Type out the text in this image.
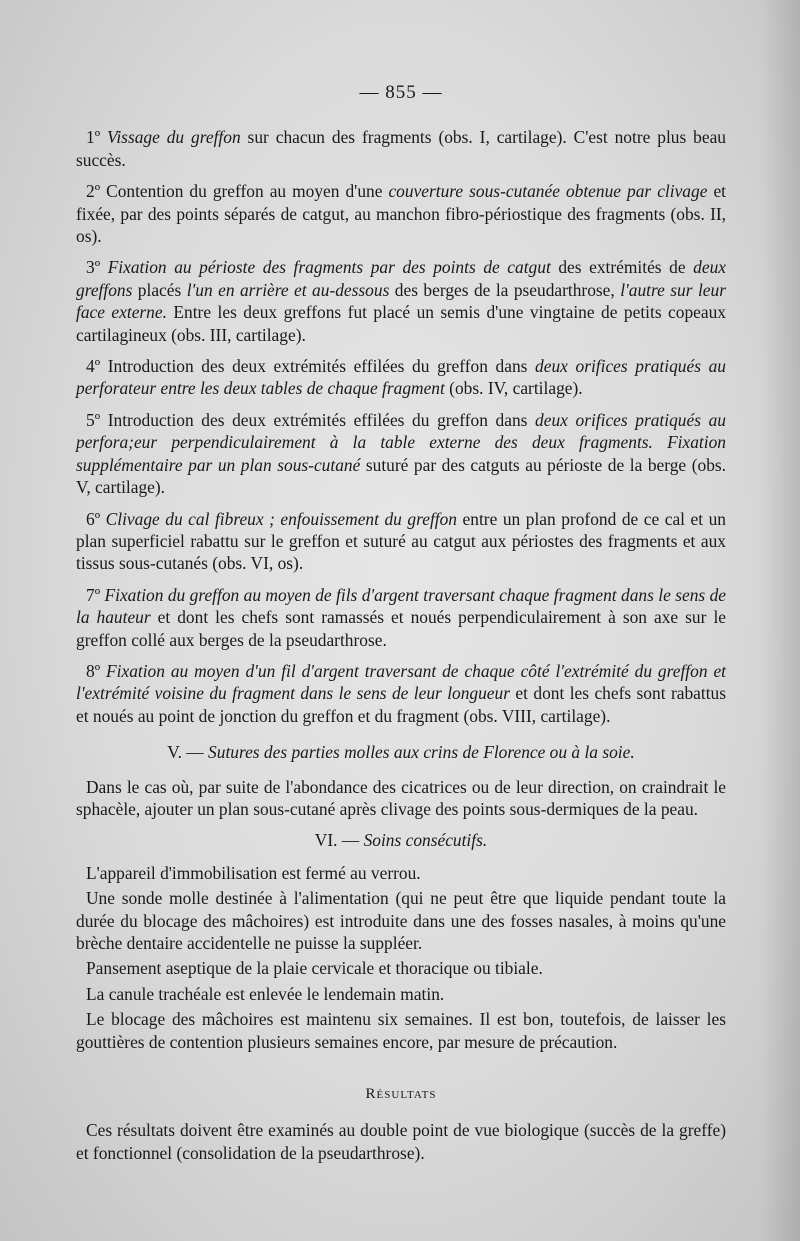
— 855 —

1º Vissage du greffon sur chacun des fragments (obs. I, cartilage). C'est notre plus beau succès.

2º Contention du greffon au moyen d'une couverture sous-cutanée obtenue par clivage et fixée, par des points séparés de catgut, au manchon fibro-périostique des fragments (obs. II, os).

3º Fixation au périoste des fragments par des points de catgut des extrémités de deux greffons placés l'un en arrière et au-dessous des berges de la pseudarthrose, l'autre sur leur face externe. Entre les deux greffons fut placé un semis d'une vingtaine de petits copeaux cartilagineux (obs. III, cartilage).

4º Introduction des deux extrémités effilées du greffon dans deux orifices pratiqués au perforateur entre les deux tables de chaque fragment (obs. IV, cartilage).

5º Introduction des deux extrémités effilées du greffon dans deux orifices pratiqués au perfora;eur perpendiculairement à la table externe des deux fragments. Fixation supplémentaire par un plan sous-cutané suturé par des catguts au périoste de la berge (obs. V, cartilage).

6º Clivage du cal fibreux ; enfouissement du greffon entre un plan profond de ce cal et un plan superficiel rabattu sur le greffon et suturé au catgut aux périostes des fragments et aux tissus sous-cutanés (obs. VI, os).

7º Fixation du greffon au moyen de fils d'argent traversant chaque fragment dans le sens de la hauteur et dont les chefs sont ramassés et noués perpendiculairement à son axe sur le greffon collé aux berges de la pseudarthrose.

8º Fixation au moyen d'un fil d'argent traversant de chaque côté l'extrémité du greffon et l'extrémité voisine du fragment dans le sens de leur longueur et dont les chefs sont rabattus et noués au point de jonction du greffon et du fragment (obs. VIII, cartilage).

V. — Sutures des parties molles aux crins de Florence ou à la soie.

Dans le cas où, par suite de l'abondance des cicatrices ou de leur direction, on craindrait le sphacèle, ajouter un plan sous-cutané après clivage des points sous-dermiques de la peau.

VI. — Soins consécutifs.

L'appareil d'immobilisation est fermé au verrou.

Une sonde molle destinée à l'alimentation (qui ne peut être que liquide pendant toute la durée du blocage des mâchoires) est introduite dans une des fosses nasales, à moins qu'une brèche dentaire accidentelle ne puisse la suppléer.

Pansement aseptique de la plaie cervicale et thoracique ou tibiale.

La canule trachéale est enlevée le lendemain matin.

Le blocage des mâchoires est maintenu six semaines. Il est bon, toutefois, de laisser les gouttières de contention plusieurs semaines encore, par mesure de précaution.

Résultats

Ces résultats doivent être examinés au double point de vue biologique (succès de la greffe) et fonctionnel (consolidation de la pseudarthrose).
